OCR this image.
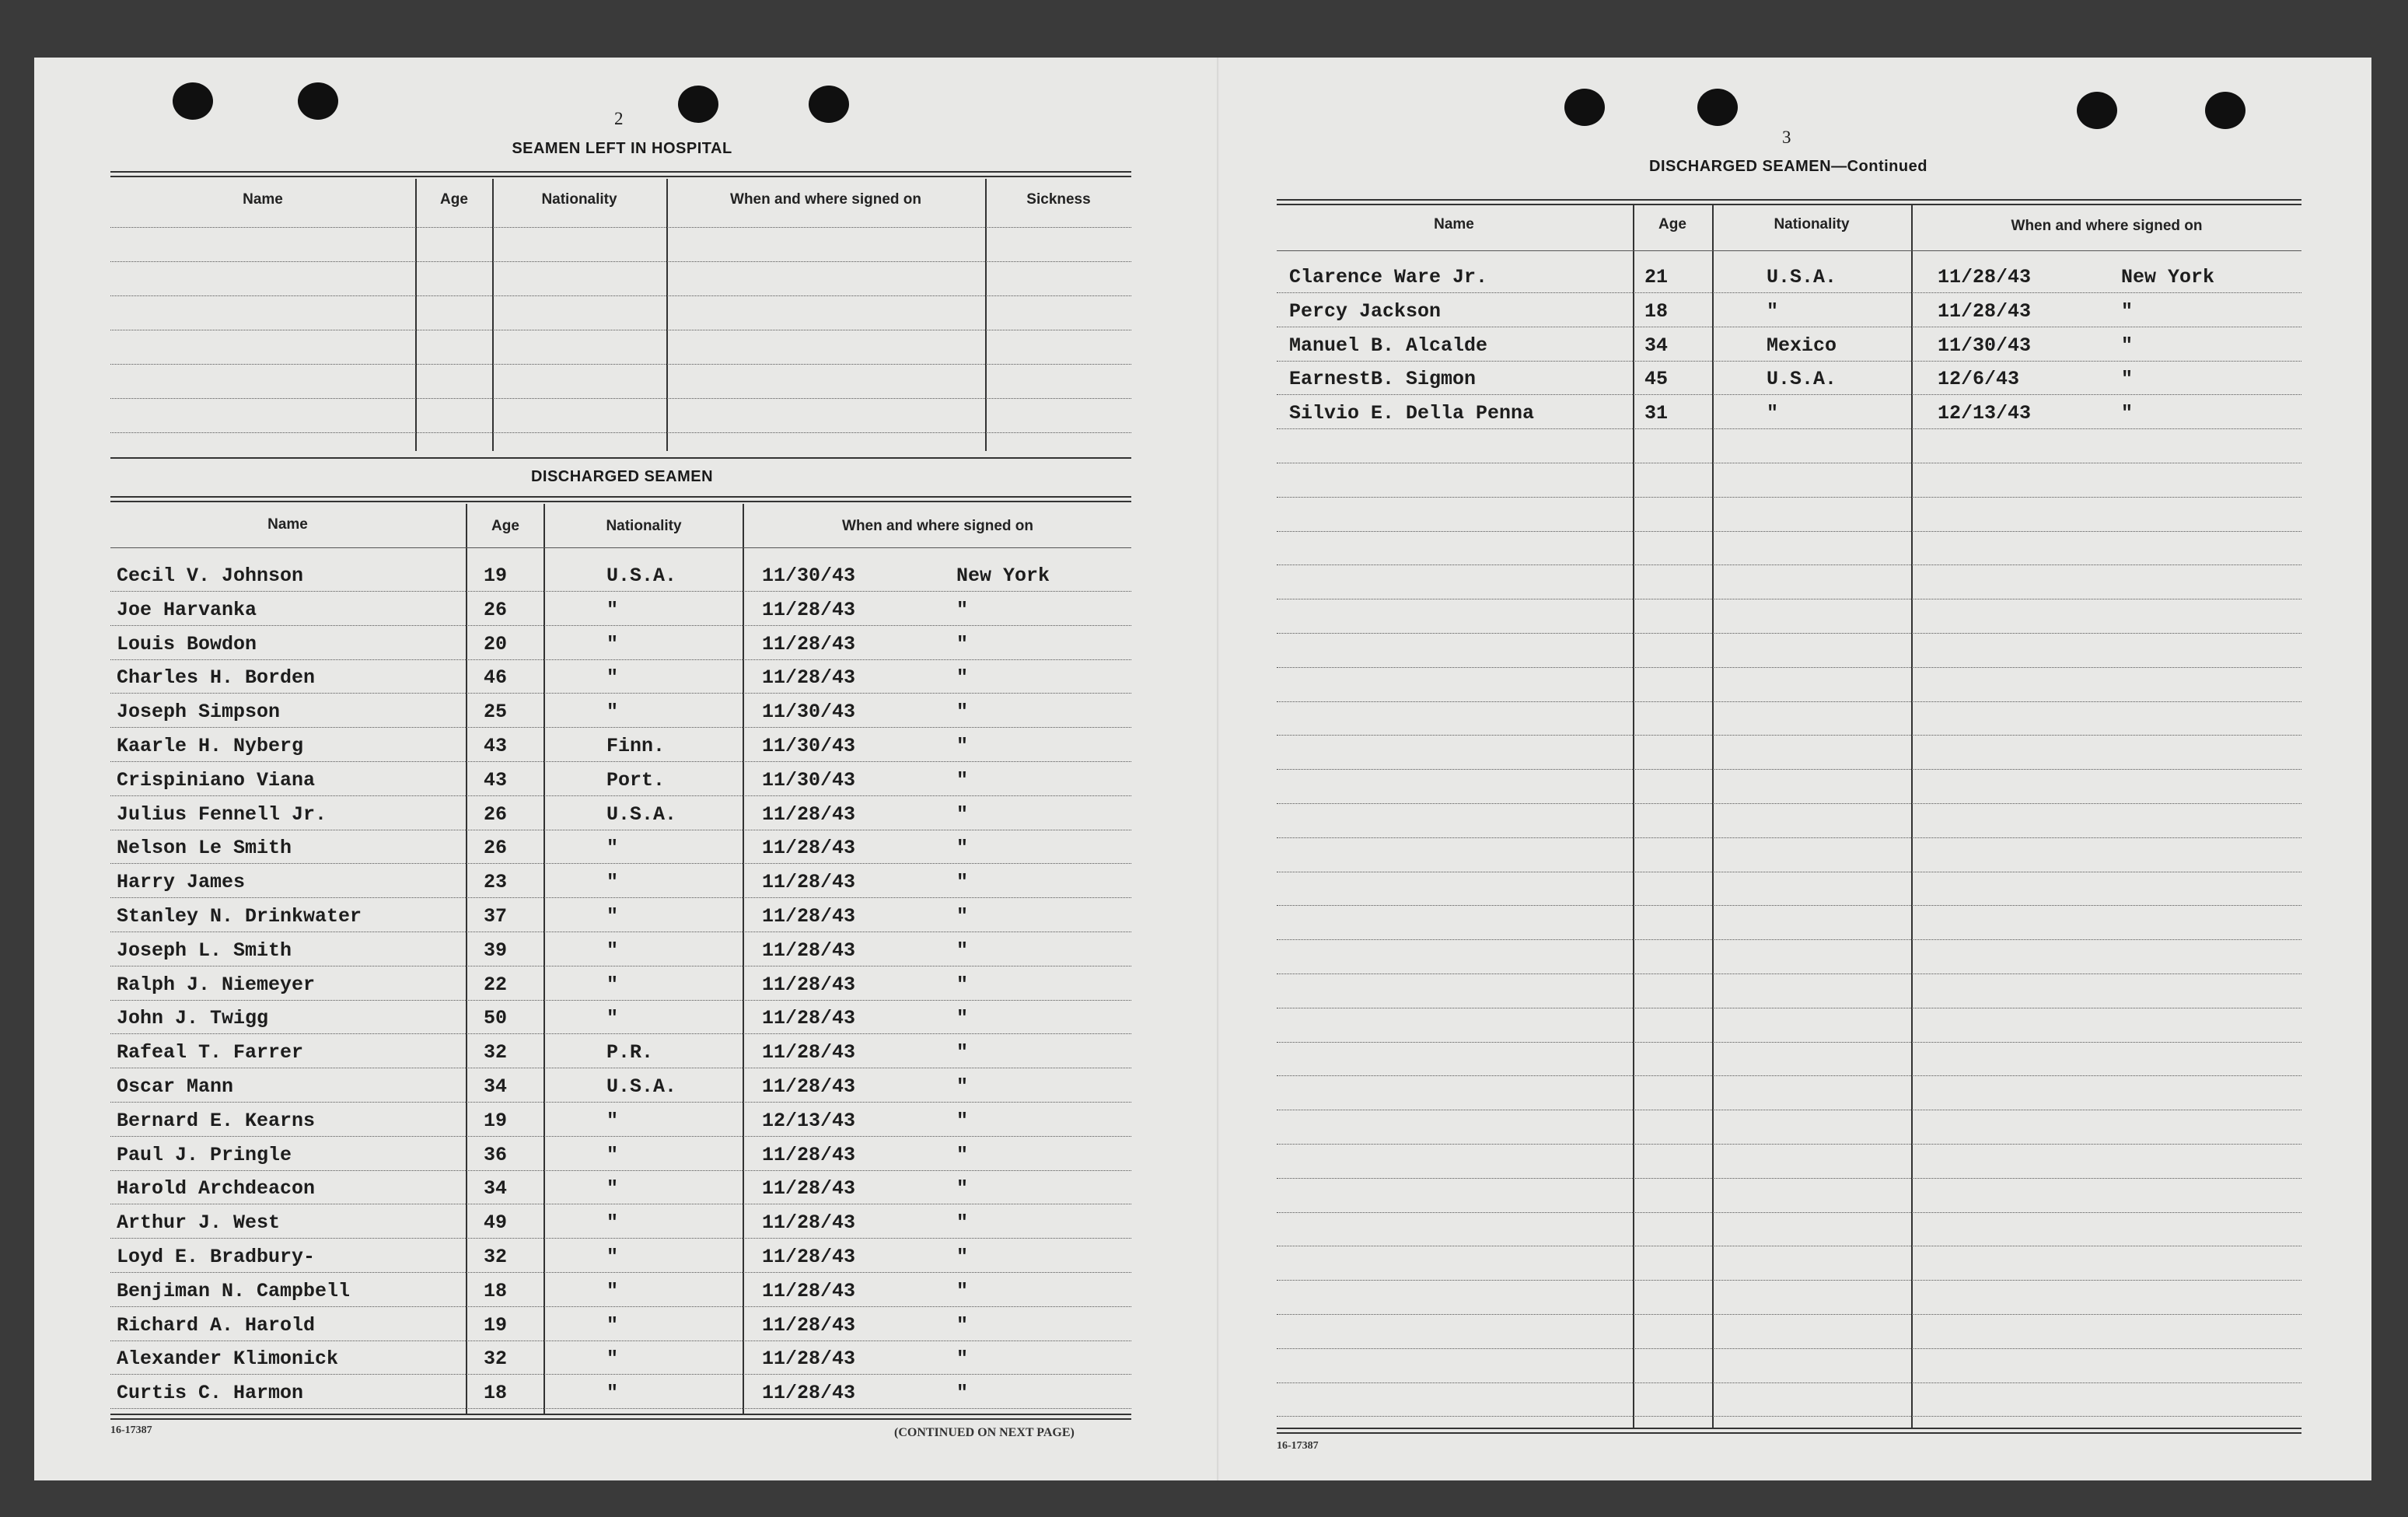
2
SEAMEN LEFT IN HOSPITAL
Name	Age	Nationality	When and where signed on	Sickness
DISCHARGED SEAMEN
Name	Age	Nationality	When and where signed on
Cecil V. Johnson	19	U.S.A.	11/30/43	New York
Joe Harvanka	26	"	11/28/43	"
Louis Bowdon	20	"	11/28/43	"
Charles H. Borden	46	"	11/28/43	"
Joseph Simpson	25	"	11/30/43	"
Kaarle H. Nyberg	43	Finn.	11/30/43	"
Crispiniano Viana	43	Port.	11/30/43	"
Julius Fennell Jr.	26	U.S.A.	11/28/43	"
Nelson Le Smith	26	"	11/28/43	"
Harry James	23	"	11/28/43	"
Stanley N. Drinkwater	37	"	11/28/43	"
Joseph L. Smith	39	"	11/28/43	"
Ralph J. Niemeyer	22	"	11/28/43	"
John J. Twigg	50	"	11/28/43	"
Rafeal T. Farrer	32	P.R.	11/28/43	"
Oscar Mann	34	U.S.A.	11/28/43	"
Bernard E. Kearns	19	"	12/13/43	"
Paul J. Pringle	36	"	11/28/43	"
Harold Archdeacon	34	"	11/28/43	"
Arthur J. West	49	"	11/28/43	"
Loyd E. Bradbury-	32	"	11/28/43	"
Benjiman N. Campbell	18	"	11/28/43	"
Richard A. Harold	19	"	11/28/43	"
Alexander Klimonick	32	"	11/28/43	"
Curtis C. Harmon	18	"	11/28/43	"
16-17387	(CONTINUED ON NEXT PAGE)
3
DISCHARGED SEAMEN—Continued
Name	Age	Nationality	When and where signed on
Clarence Ware Jr.	21	U.S.A.	11/28/43	New York
Percy Jackson	18	"	11/28/43	"
Manuel B. Alcalde	34	Mexico	11/30/43	"
EarnestB. Sigmon	45	U.S.A.	12/6/43	"
Silvio E. Della Penna	31	"	12/13/43	"
16-17387
